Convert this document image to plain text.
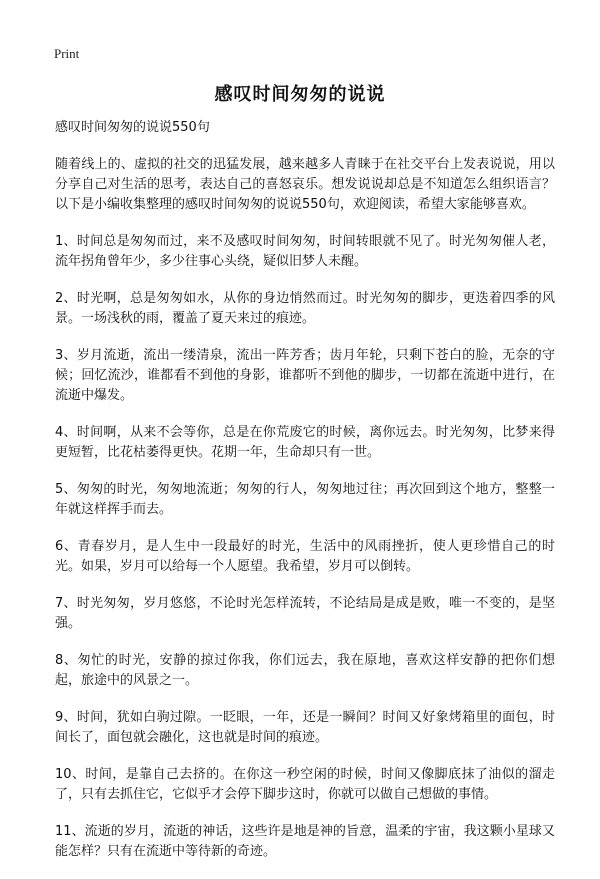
Print
感叹时间匆匆的说说

感叹时间匆匆的说说550句

随着线上的、虚拟的社交的迅猛发展，越来越多人青睐于在社交平台上发表说说，用以分享自己对生活的思考，表达自己的喜怒哀乐。想发说说却总是不知道怎么组织语言？以下是小编收集整理的感叹时间匆匆的说说550句，欢迎阅读，希望大家能够喜欢。

1、时间总是匆匆而过，来不及感叹时间匆匆，时间转眼就不见了。时光匆匆催人老，流年拐角曾年少，多少往事心头绕，疑似旧梦人未醒。

2、时光啊，总是匆匆如水，从你的身边悄然而过。时光匆匆的脚步，更迭着四季的风景。一场浅秋的雨，覆盖了夏天来过的痕迹。

3、岁月流逝，流出一缕清泉，流出一阵芳香；齿月年轮，只剩下苍白的脸，无奈的守候；回忆流沙，谁都看不到他的身影，谁都听不到他的脚步，一切都在流逝中进行，在流逝中爆发。

4、时间啊，从来不会等你，总是在你荒废它的时候，离你远去。时光匆匆，比梦来得更短暂，比花枯萎得更快。花期一年，生命却只有一世。

5、匆匆的时光，匆匆地流逝；匆匆的行人，匆匆地过往；再次回到这个地方，整整一年就这样挥手而去。

6、青春岁月，是人生中一段最好的时光，生活中的风雨挫折，使人更珍惜自己的时光。如果，岁月可以给每一个人愿望。我希望，岁月可以倒转。

7、时光匆匆，岁月悠悠，不论时光怎样流转，不论结局是成是败，唯一不变的，是坚强。

8、匆忙的时光，安静的掠过你我，你们远去，我在原地，喜欢这样安静的把你们想起，旅途中的风景之一。

9、时间，犹如白驹过隙。一眨眼，一年，还是一瞬间？时间又好象烤箱里的面包，时间长了，面包就会融化，这也就是时间的痕迹。

10、时间，是靠自己去挤的。在你这一秒空闲的时候，时间又像脚底抹了油似的溜走了，只有去抓住它，它似乎才会停下脚步这时，你就可以做自己想做的事情。

11、流逝的岁月，流逝的神话，这些许是地是神的旨意，温柔的宇宙，我这颗小星球又能怎样？只有在流逝中等待新的奇迹。
